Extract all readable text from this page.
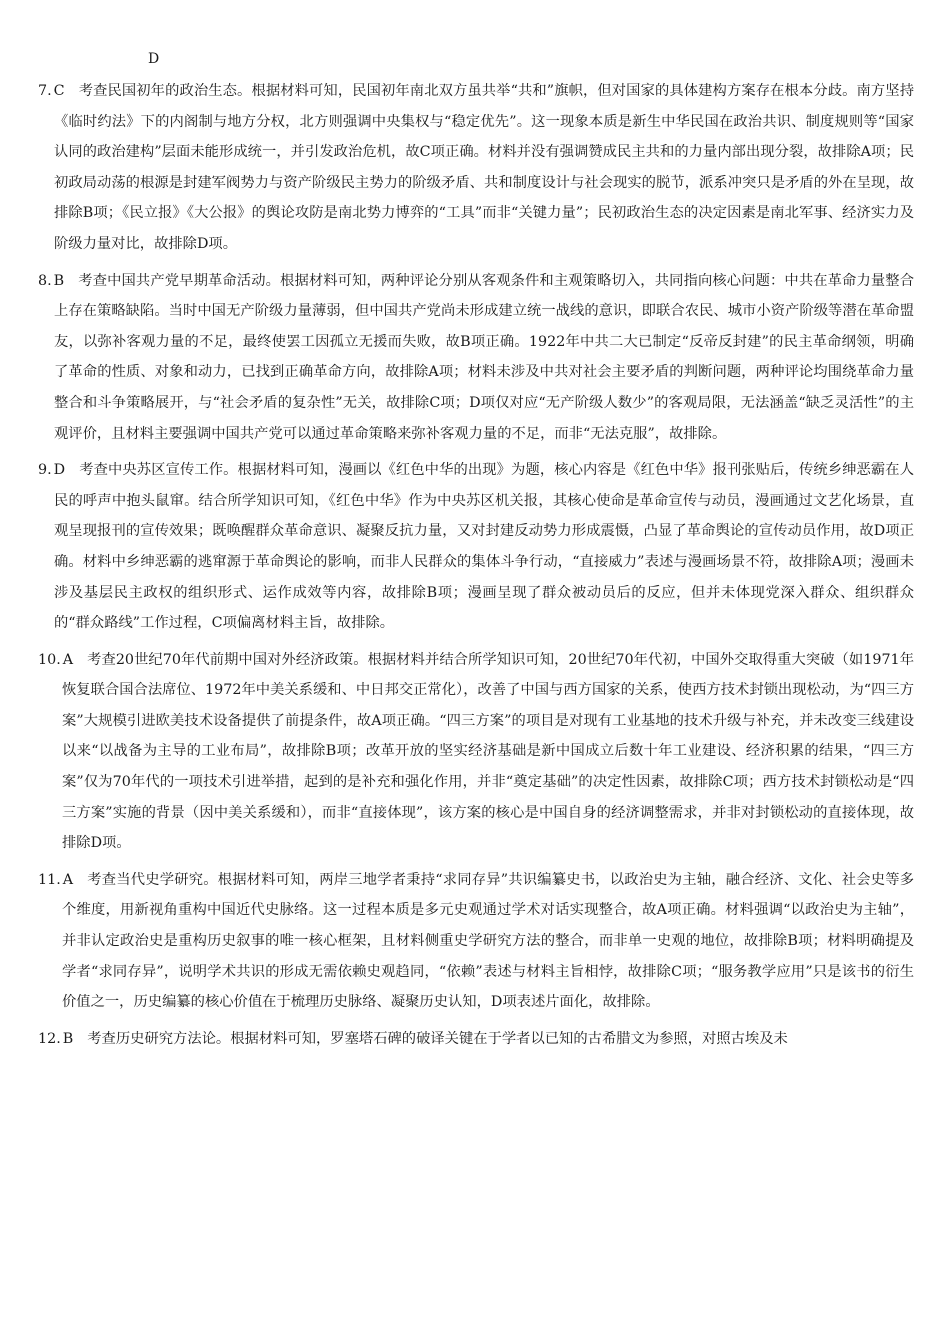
D

7. C 考查民国初年的政治生态。根据材料可知，民国初年南北双方虽共举“共和”旗帜，但对国家的具体建构方案存在根本分歧。南方坚持《临时约法》下的内阁制与地方分权，北方则强调中央集权与“稳定优先”。这一现象本质是新生中华民国在政治共识、制度规则等“国家认同的政治建构”层面未能形成统一，并引发政治危机，故C项正确。材料并没有强调赞成民主共和的力量内部出现分裂，故排除A项；民初政局动荡的根源是封建军阀势力与资产阶级民主势力的阶级矛盾、共和制度设计与社会现实的脱节，派系冲突只是矛盾的外在呈现，故排除B项；《民立报》《大公报》的舆论攻防是南北势力博弈的“工具”而非“关键力量”；民初政治生态的决定因素是南北军事、经济实力及阶级力量对比，故排除D项。

8. B 考查中国共产党早期革命活动。根据材料可知，两种评论分别从客观条件和主观策略切入，共同指向核心问题：中共在革命力量整合上存在策略缺陷。当时中国无产阶级力量薄弱，但中国共产党尚未形成建立统一战线的意识，即联合农民、城市小资产阶级等潜在革命盟友，以弥补客观力量的不足，最终使罢工因孤立无援而失败，故B项正确。1922年中共二大已制定“反帝反封建”的民主革命纲领，明确了革命的性质、对象和动力，已找到正确革命方向，故排除A项；材料未涉及中共对社会主要矛盾的判断问题，两种评论均围绕革命力量整合和斗争策略展开，与“社会矛盾的复杂性”无关，故排除C项；D项仅对应“无产阶级人数少”的客观局限，无法涵盖“缺乏灵活性”的主观评价，且材料主要强调中国共产党可以通过革命策略来弥补客观力量的不足，而非“无法克服”，故排除。

9. D 考查中央苏区宣传工作。根据材料可知，漫画以《红色中华的出现》为题，核心内容是《红色中华》报刊张贴后，传统乡绅恶霸在人民的呼声中抱头鼠窜。结合所学知识可知，《红色中华》作为中央苏区机关报，其核心使命是革命宣传与动员，漫画通过文艺化场景，直观呈现报刊的宣传效果；既唤醒群众革命意识、凝聚反抗力量，又对封建反动势力形成震慑，凸显了革命舆论的宣传动员作用，故D项正确。材料中乡绅恶霸的逃窜源于革命舆论的影响，而非人民群众的集体斗争行动，“直接威力”表述与漫画场景不符，故排除A项；漫画未涉及基层民主政权的组织形式、运作成效等内容，故排除B项；漫画呈现了群众被动员后的反应，但并未体现党深入群众、组织群众的“群众路线”工作过程，C项偏离材料主旨，故排除。

10. A 考查20世纪70年代前期中国对外经济政策。根据材料并结合所学知识可知，20世纪70年代初，中国外交取得重大突破（如1971年恢复联合国合法席位、1972年中美关系缓和、中日邦交正常化），改善了中国与西方国家的关系，使西方技术封锁出现松动，为“四三方案”大规模引进欧美技术设备提供了前提条件，故A项正确。“四三方案”的项目是对现有工业基地的技术升级与补充，并未改变三线建设以来“以战备为主导的工业布局”，故排除B项；改革开放的坚实经济基础是新中国成立后数十年工业建设、经济积累的结果，“四三方案”仅为70年代的一项技术引进举措，起到的是补充和强化作用，并非“奠定基础”的决定性因素，故排除C项；西方技术封锁松动是“四三方案”实施的背景（因中美关系缓和），而非“直接体现”，该方案的核心是中国自身的经济调整需求，并非对封锁松动的直接体现，故排除D项。

11. A 考查当代史学研究。根据材料可知，两岸三地学者秉持“求同存异”共识编纂史书，以政治史为主轴，融合经济、文化、社会史等多个维度，用新视角重构中国近代史脉络。这一过程本质是多元史观通过学术对话实现整合，故A项正确。材料强调“以政治史为主轴”，并非认定政治史是重构历史叙事的唯一核心框架，且材料侧重史学研究方法的整合，而非单一史观的地位，故排除B项；材料明确提及学者“求同存异”，说明学术共识的形成无需依赖史观趋同，“依赖”表述与材料主旨相悖，故排除C项；“服务教学应用”只是该书的衍生价值之一，历史编纂的核心价值在于梳理历史脉络、凝聚历史认知，D项表述片面化，故排除。

12. B 考查历史研究方法论。根据材料可知，罗塞塔石碑的破译关键在于学者以已知的古希腊文为参照，对照古埃及未
